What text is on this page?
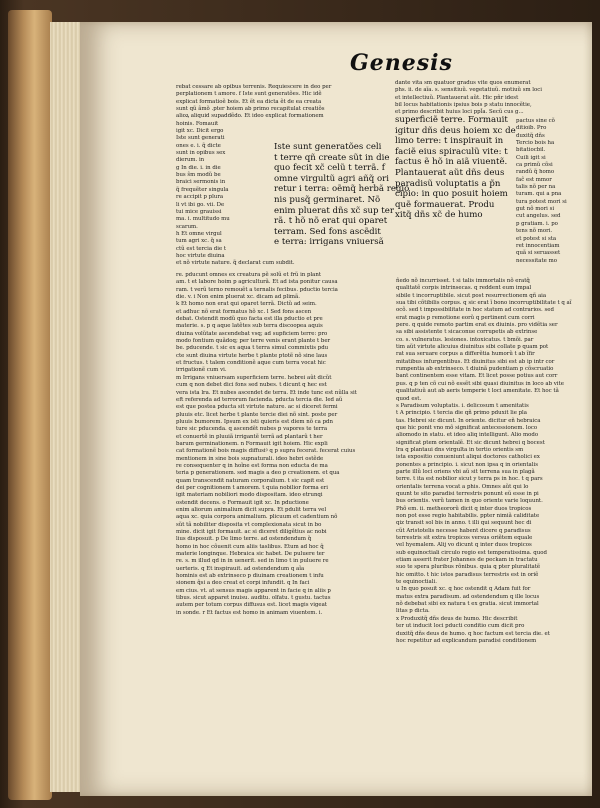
Genesis
rebat cessare ab opibus terrenis. Requiescere in deo per
perplationem t amore. f Iste sunt generatões. Hic idẽ
explicat formatioẽ bois. Et ẽt ea dicta ẽt de ea creata
sunt qũ ãmõ .pter hoiem ab primo recapitulat creatiõs
alioꝝ aliquid supaddẽdo. Et ideo explicat formationem
hoinis. Fomauit
igit xc. Dicit ergo
Iste sunt generati
ones e. i. q̃ dicte
sunt in opibus sex
dierum. in
g In die. i. in die
bus s̃m modũ be
braici sermonis in
q̃ frequẽter singula
re accipit p plura
li vt ibi go. vii. De
tui mice grauissi
ma. i. multitudo mu
scarum.
h Et omne virgul
tum agri xc. q̃ sa
ctũ est tercia die t
hoc virtute diuina
et nõ virtute nature. q̃ declarat cum subdit.
Iste sunt generatões celi
t terre qñ create sũt in die
quo fecit xc̃ celũ t terrã. f
omne virgultũ agri añq̃ ori
retur i terra: oẽmq̃ herbã regio
nis pusq̃ germinaret. Nõ
enim pluerat dñs xc̃ sup ter
rã. t hõ nõ erat qui oparet
terram. Sed fons ascẽdit
e terra: irrigans vniuersã
superficiẽ terre. Formauit
igitur dñs deus hoiem xc de
limo terre: t inspirauit in
faciẽ eius spiraculũ vite: t
factus ẽ hõ in aiã viuentẽ.
Plantauerat aũt dñs deus
paradisũ voluptatis a p̃n
cipio: in quo posuit hoiem
quẽ formauerat. Produ
xitq̃ dñs xc̃ de humo
dante vita sm quatuor gradus vite quos enumerat
phs. ii. de aĩa. s. sensitiuũ. vegetatiuũ. motiuũ sm loci
et intellectiuũ. Plantauerat aũt. Hic pñr idest
bil locus habitationis ipsius bois p statu innocẽtie,
et primo describit huius loci ppl̃a. Secũ cus g...
pactus sine cõ
ditioib. Pro
duxitq̃ dñs
Tercio bois ha
bitatiocbil.
Cuili igit si
ca primũ cõsi
randũ q̃ homo
fac̃ est mmor
talis nõ per na
turam. qui a pna
tura potest mori si
gut nõ mori si
cut angelus. sed
p gratiam. i. po
tens nõ mori.
et potest si sta
ret innocentiam
quã si seruasset
necessitate mo
re. pducunt omnes ex creatura pẽ solũ et frũ in plant
am. t et labore hoim p agriculturã. Et ad ista ponitur causa
ram. t verũ terno remouẽt a ternalis fecibus. pductio tercia
die. v. i Non enim pluerat xc. dicam ad plimã.
k Et homo non erat qui oparet terrã. Dictũ ad seim.
et adhuc nõ erat formatus hõ xc. l Sed fons ascen
debat. Ostendit modũ quo facta est illa pductio et pre
materie. s. p q aque latẽtes sub terra discoopea aquis
diuina volũtate ascendebat vsq; ad supficiem terre: pro
modo fontium quãdoq; per terre venis erant plante t ber
be. pducende. t sic ex aqua t terra simul commixtis pdu
cte sunt diuina virtute herbe t plante ptotẽ nõ sine laus
et fructus. t talem conditionẽ aque cum terra vocat hic
irrigationẽ cum vi.
m Irrigans vniuersam superficiem terre. hebrei aũt dicũt
cum q non debet dici fons sed nubes. t dicunt q hec est
vera ista lra. Et nubes ascendet de terra. Et inde tunc est nũlla sit
eft referenda ad terrorum facienda. pducta tercia die. Ied aũ
est que postea pducta sit virtute nature. ac si diceret fermi
pluuis etc. licet herbe t plante tercie diei nõ sint. poste per
pluuis bumorem. Ipsum ex isti quieris est diem nõ ca pdn
ture sic pducenda. q ascendẽt nubes p vapores te terra
et conuertẽ in pluuiã irrigantẽ terrã ad plantarũ t her
barum germinationem. n Formauit igit hoiem. Hic expli
cat formationẽ bois magis diffusiꝰ q p supra fecerat. fecerat cuius
mentionem in sine bois supnaturali. ideo hebri ostẽde
re consequenter q in hoĩne est forma non educta de ma
teria p generationem. sed magis a deo p creationem. et qua
quam transcendit naturam corporalium. t sic capit est
dei per cognitionem t amorem. t quia nobilior forma eri
igit materiam nobiliori modo dispositam. ideo etrunqi
ostendit decens. o Formauit igit xc. In pductione
enim aliorum animalium dicit supra. Et pdulit terra vel
aqua xc. quia corpora animalium. plicuum et cadentium nõ
sũt tã nobiliter disposita vt complexionata sicut in bo
mine. dicit igit formauit. ac si diceret diligẽtius ac nobi
lius disposuit. p De limo terre. ad ostendendum q̃
homo in hoc cõuenit cum aliis taslibus. Etum ad hoc q̃
materie longinque. Hebraica sic habet. De puluere ter
re. s. m illud qd in in uenerit. sed in limo t in puluere re
uerteris. q Et inspirauit. ad ostendendum q aĩa
hominis est ab extrinseco p diuinam creationem t infu
sionem q̃si a deo creat et corpi infundit. q In faci
em cius. vt. at sensus magis apparent in facie q in aliis p
tibus. sicut apparet inuisu. auditu. olfatu. t gustu. tactus
autem per totum corpus diffusus est. licet magis vigeat
in sonde. r Et factus est homo in animam viuentem. i.
ñedo nõ incurrisset. t si talis immortalis nõ eratq̃
qualitatẽ corpis intrinsecas. q reddent eum impal
sibile t incorruptibile. sicut post resurrectionem qñ aia
sua tibi cõtibilis corpus. q sic erat ĩ bono incorruptibilitate t q aĩ
ocõ. sed t impossibilitate in hoc statum ad contrarios. sed
erat magis p remotione eorũ q pertinent cum corri
pere. q quide remoto partim erat ex diuinis. pro vidẽtia ser
sa sibi assistente t sicaconue corrupetis ab extrinse
co. s. vulneratus. lesiones. intoxicatus. t bmõi. par
tim aũt virtute alicuius diuinitus sibi collate p quam pot
rat sua seruare corpus a differẽtia humorũ t ab ĩfir
mitatibus infurgentibus. Et diuinitus sibi est ab ip intr cor
rumpentia ab extrinseco. t diuinã pudentiam p cõscruatio
bant continentem esse vitam. Et licet posse potius aut corr
pus. q p ten cõ cui nõ essẽt sibi quasi diuinitus in loco ab vite
qualitatiuũ aut ab aeris temperie t loci amenitate. Et hoc tã
quod est.
s Paradisum voluptatis. i. delicosum t amenitatis
t A principio. t tercia die qñ primo pduxit lie pla
tas. Hebrei sic dicunt. In oriente. dicitur eñ hebraica
que hic ponit vno mõ significat antecessionem. loco
aliomodo in statu. et ideo aliq intelligunt. Alio modo
significat ptem orientalẽ. Et sic dicunt hebrei q bocest
lra q plantaui dns virgulta in tertio orientis sm
ista expositio conueniunt aliqui doctores catholici ex
ponentes a principio. i. sicut non ipsa q in orientalis
parte illũ loci oriens vbi aũ sit terrena sua in plagã
terre. t ita est nobilior sicut y terra ps in hoc. t q pars
orientalis terrena vocat a phis. Omnes aũt qui lo
quunt te sito paradisi terrestris ponunt eũ esse in pi
bus orientis. verũ tamen in quo oriente varie loquunt.
Phõ em. ii. metheororũ dicit q inter duos tropicos
non pot esse regio habitabilis. ppter nimiã caliditate
qiz transit sol bis in anno. t illi qui sequunt hec di
cũt Aristotelis necesse habent dicere q paradisus
terrestris sit extra tropicos versus oriẽtem equale
vel hyemalem. Alij vo dicunt q inter duos tropicos
sub equinoctiali circulo regio est temperatissima. quod
etiam asserit frater Johannes de peckam in tractatu
suo te spera pluribus rõnibus. quia q pter pluralitatẽ
hic omitto. t hic istos paradisus terrestris est in oriẽ
te equinoctiali.
u In quo posuit xc. q hoc ostendit q Adam fuit for
matus extra paradisum. ad ostendendum q ille locus
nõ debebat sibi ex natura t ex gratia. sicut immortal
litas p dicta.
x Produxitq̃ dñs deus de humo. Hic describit
ter ut inducit loci pducti conditio cum dicit pro
duxitq̃ dñs deus de humo. q hoc factum est tercia die. et
hoc repetitur ad explicandum paradisi conditionem
